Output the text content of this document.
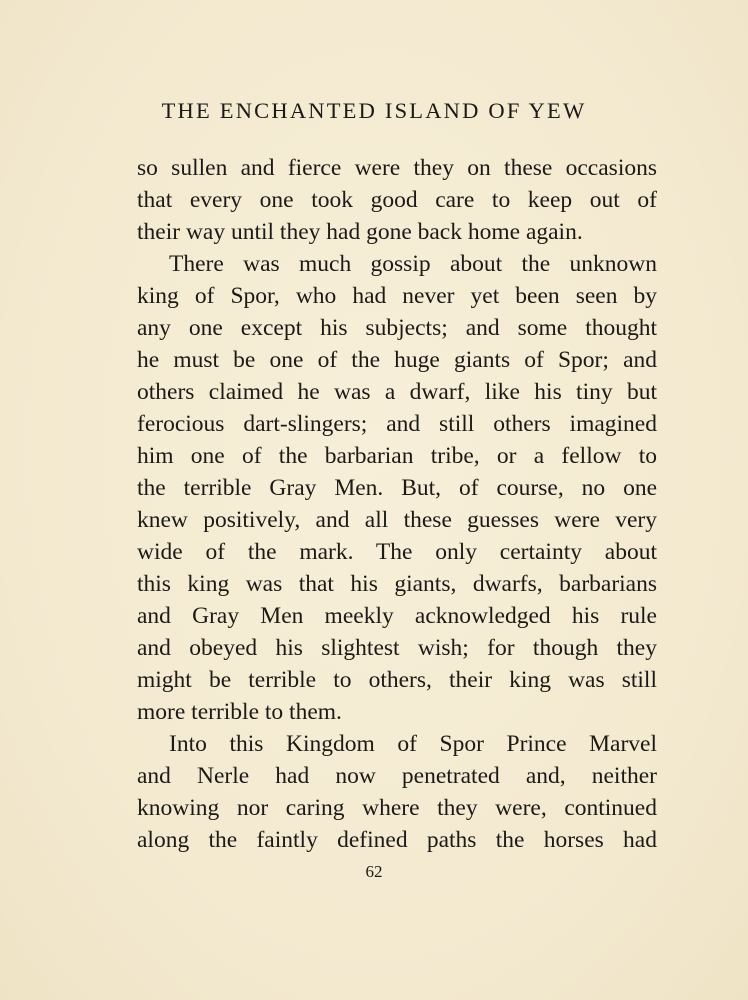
THE ENCHANTED ISLAND OF YEW
so sullen and fierce were they on these occasions
that every one took good care to keep out of
their way until they had gone back home again.
There was much gossip about the unknown
king of Spor, who had never yet been seen by
any one except his subjects; and some thought
he must be one of the huge giants of Spor; and
others claimed he was a dwarf, like his tiny but
ferocious dart-slingers; and still others imagined
him one of the barbarian tribe, or a fellow to
the terrible Gray Men. But, of course, no one
knew positively, and all these guesses were very
wide of the mark. The only certainty about
this king was that his giants, dwarfs, barbarians
and Gray Men meekly acknowledged his rule
and obeyed his slightest wish; for though they
might be terrible to others, their king was still
more terrible to them.
Into this Kingdom of Spor Prince Marvel
and Nerle had now penetrated and, neither
knowing nor caring where they were, continued
along the faintly defined paths the horses had
62
